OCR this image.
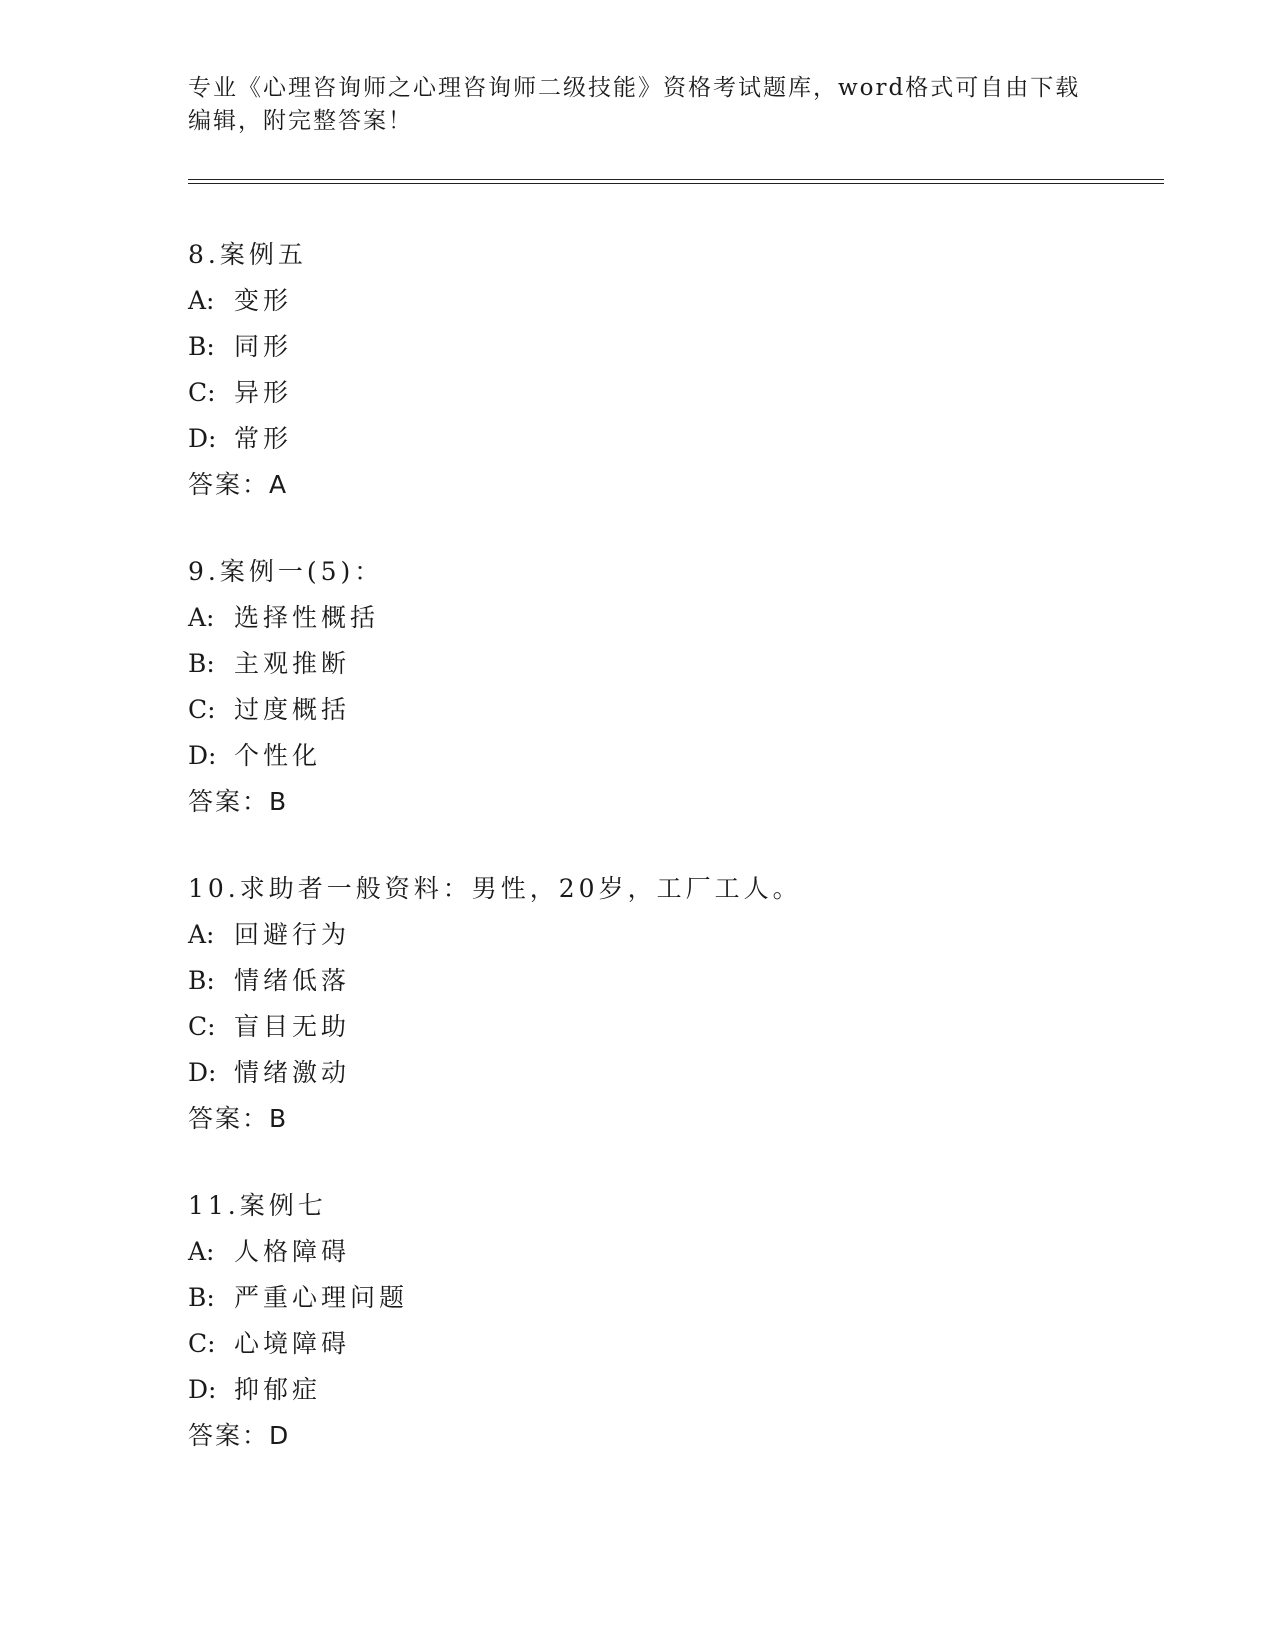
专业《心理咨询师之心理咨询师二级技能》资格考试题库，word格式可自由下载
编辑，附完整答案！
8.案例五
A: 变形
B: 同形
C: 异形
D: 常形
答案：A
9.案例一(5)：
A: 选择性概括
B: 主观推断
C: 过度概括
D: 个性化
答案：B
10.求助者一般资料：男性，20岁，工厂工人。
A: 回避行为
B: 情绪低落
C: 盲目无助
D: 情绪激动
答案：B
11.案例七
A: 人格障碍
B: 严重心理问题
C: 心境障碍
D: 抑郁症
答案：D
